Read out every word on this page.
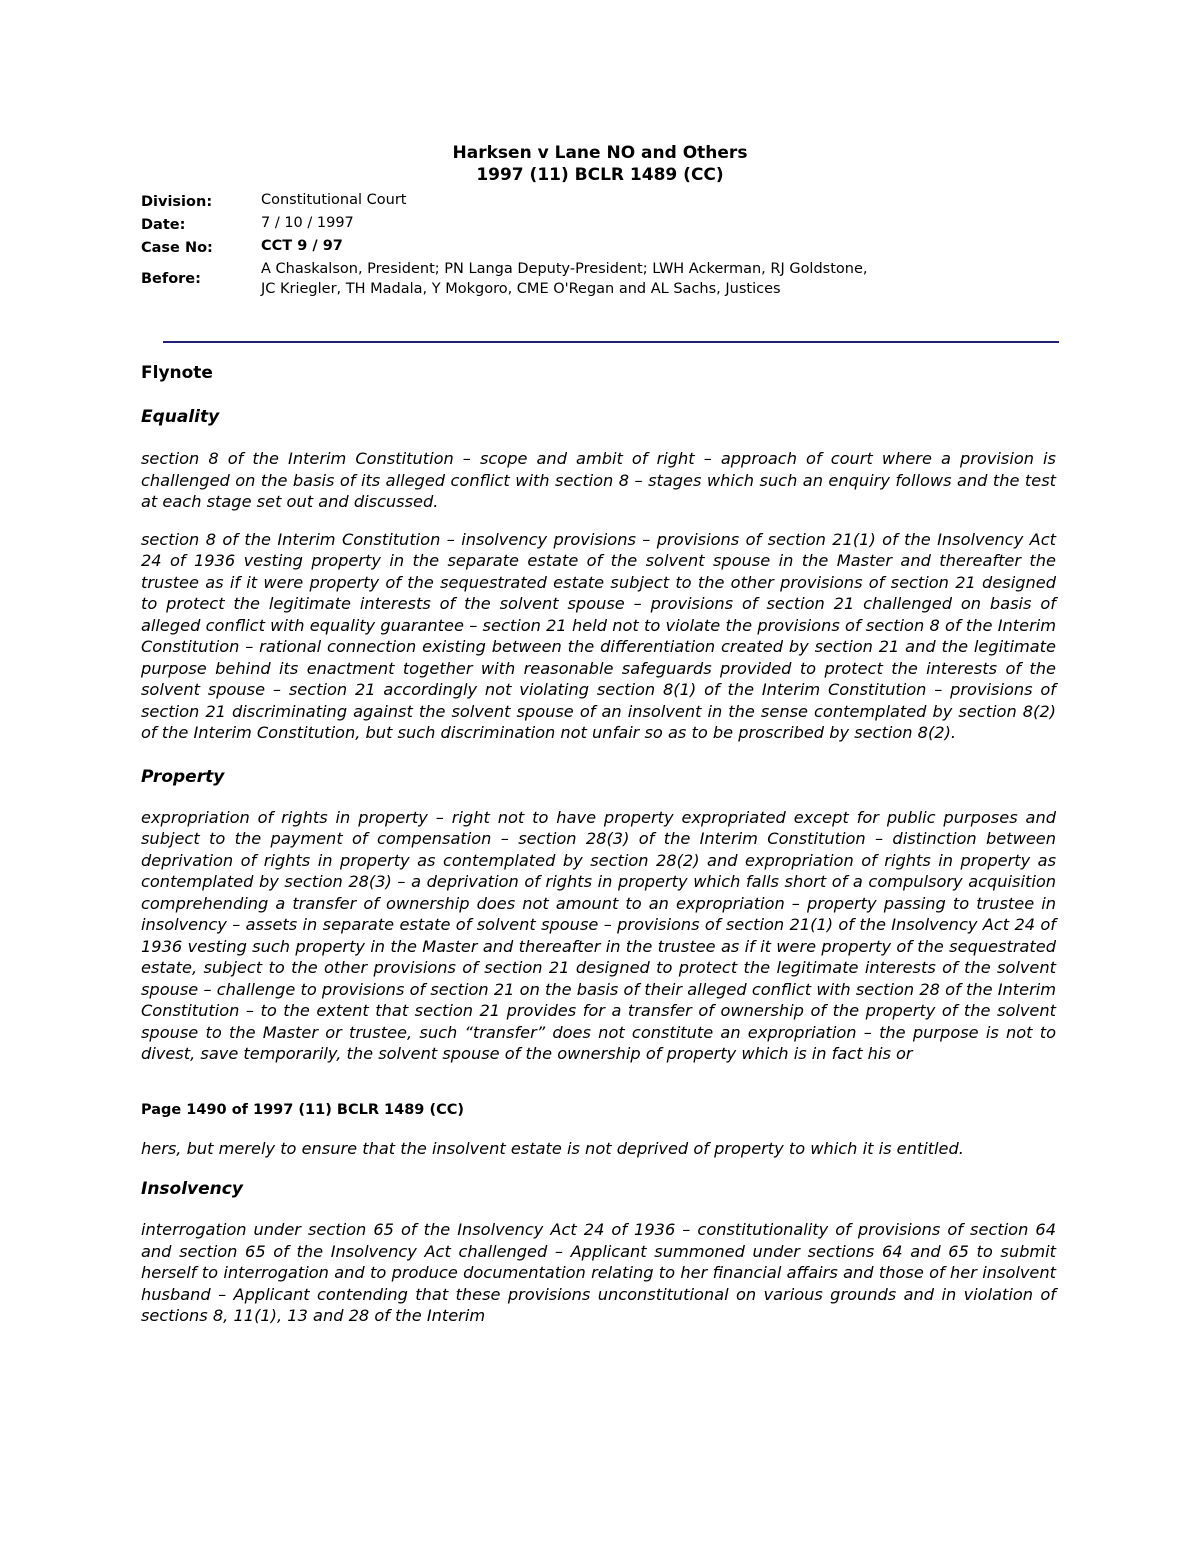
Harksen v Lane NO and Others
1997 (11) BCLR 1489 (CC)
Division:	Constitutional Court
Date:	7 / 10 / 1997
Case No:	CCT 9 / 97
Before:	A Chaskalson, President; PN Langa Deputy-President; LWH Ackerman, RJ Goldstone, JC Kriegler, TH Madala, Y Mokgoro, CME O'Regan and AL Sachs, Justices
Flynote
Equality

section 8 of the Interim Constitution – scope and ambit of right – approach of court where a provision is challenged on the basis of its alleged conflict with section 8 – stages which such an enquiry follows and the test at each stage set out and discussed.

section 8 of the Interim Constitution – insolvency provisions – provisions of section 21(1) of the Insolvency Act 24 of 1936 vesting property in the separate estate of the solvent spouse in the Master and thereafter the trustee as if it were property of the sequestrated estate subject to the other provisions of section 21 designed to protect the legitimate interests of the solvent spouse – provisions of section 21 challenged on basis of alleged conflict with equality guarantee – section 21 held not to violate the provisions of section 8 of the Interim Constitution – rational connection existing between the differentiation created by section 21 and the legitimate purpose behind its enactment together with reasonable safeguards provided to protect the interests of the solvent spouse – section 21 accordingly not violating section 8(1) of the Interim Constitution – provisions of section 21 discriminating against the solvent spouse of an insolvent in the sense contemplated by section 8(2) of the Interim Constitution, but such discrimination not unfair so as to be proscribed by section 8(2).

Property

expropriation of rights in property – right not to have property expropriated except for public purposes and subject to the payment of compensation – section 28(3) of the Interim Constitution – distinction between deprivation of rights in property as contemplated by section 28(2) and expropriation of rights in property as contemplated by section 28(3) – a deprivation of rights in property which falls short of a compulsory acquisition comprehending a transfer of ownership does not amount to an expropriation – property passing to trustee in insolvency – assets in separate estate of solvent spouse – provisions of section 21(1) of the Insolvency Act 24 of 1936 vesting such property in the Master and thereafter in the trustee as if it were property of the sequestrated estate, subject to the other provisions of section 21 designed to protect the legitimate interests of the solvent spouse – challenge to provisions of section 21 on the basis of their alleged conflict with section 28 of the Interim Constitution – to the extent that section 21 provides for a transfer of ownership of the property of the solvent spouse to the Master or trustee, such “transfer” does not constitute an expropriation – the purpose is not to divest, save temporarily, the solvent spouse of the ownership of property which is in fact his or

Page 1490 of 1997 (11) BCLR 1489 (CC)

hers, but merely to ensure that the insolvent estate is not deprived of property to which it is entitled.

Insolvency

interrogation under section 65 of the Insolvency Act 24 of 1936 – constitutionality of provisions of section 64 and section 65 of the Insolvency Act challenged – Applicant summoned under sections 64 and 65 to submit herself to interrogation and to produce documentation relating to her financial affairs and those of her insolvent husband – Applicant contending that these provisions unconstitutional on various grounds and in violation of sections 8, 11(1), 13 and 28 of the Interim
